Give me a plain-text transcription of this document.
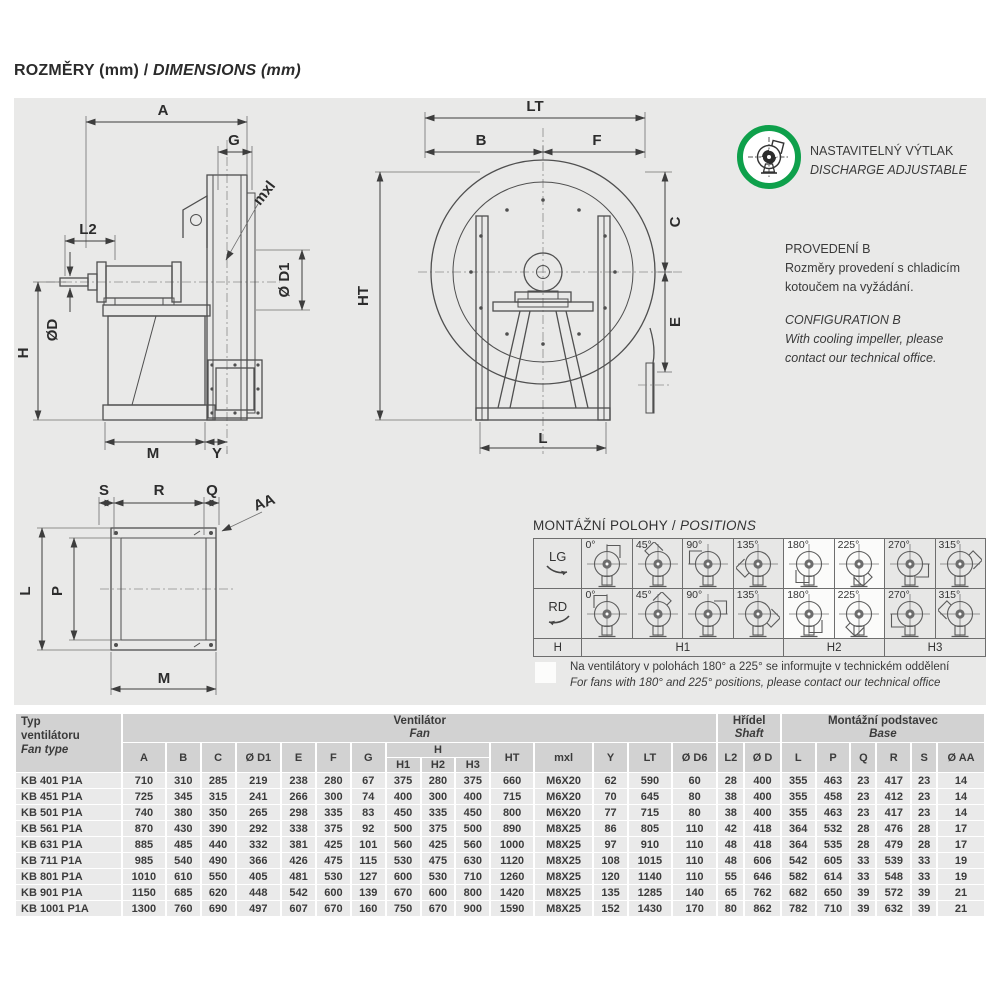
ROZMĚRY (mm) / DIMENSIONS (mm)
A
G
mxl
L2
ØD
H
Ø D1
M	Y
LT
B	F
HT
C
E
L
S	R	Q
AA
L P
M
NASTAVITELNÝ VÝTLAK
DISCHARGE ADJUSTABLE
PROVEDENÍ B
Rozměry provedení s chladicím
kotoučem na vyžádání.
CONFIGURATION B
With cooling impeller, please
contact our technical office.
MONTÁŽNÍ POLOHY / POSITIONS
LG	0°	45°	90°	135°	180°	225°	270°	315°

RD	0°	45°	90°	135°	180°	225°	270°	315°

H	H1				H2		H3	
Na ventilátory v polohách 180° a 225° se informujte v technickém oddělení
For fans with 180° and 225° positions, please contact our technical office
Typ
ventilátoru
Fan type	Ventilátor
Fan															Hřídel
Shaft		Montážní podstavec
Base					
	A	B	C	Ø D1	E	F	G	H			HT	mxl	Y	LT	Ø D6	L2	Ø D	L	P	Q	R	S	Ø AA
								H1	H2	H3													
KB 401 P1A	710	310	285	219	238	280	67	375	280	375	660	M6X20	62	590	60	28	400	355	463	23	417	23	14
KB 451 P1A	725	345	315	241	266	300	74	400	300	400	715	M6X20	70	645	80	38	400	355	458	23	412	23	14
KB 501 P1A	740	380	350	265	298	335	83	450	335	450	800	M6X20	77	715	80	38	400	355	463	23	417	23	14
KB 561 P1A	870	430	390	292	338	375	92	500	375	500	890	M8X25	86	805	110	42	418	364	532	28	476	28	17
KB 631 P1A	885	485	440	332	381	425	101	560	425	560	1000	M8X25	97	910	110	48	418	364	535	28	479	28	17
KB 711 P1A	985	540	490	366	426	475	115	530	475	630	1120	M8X25	108	1015	110	48	606	542	605	33	539	33	19
KB 801 P1A	1010	610	550	405	481	530	127	600	530	710	1260	M8X25	120	1140	110	55	646	582	614	33	548	33	19
KB 901 P1A	1150	685	620	448	542	600	139	670	600	800	1420	M8X25	135	1285	140	65	762	682	650	39	572	39	21
KB 1001 P1A	1300	760	690	497	607	670	160	750	670	900	1590	M8X25	152	1430	170	80	862	782	710	39	632	39	21
